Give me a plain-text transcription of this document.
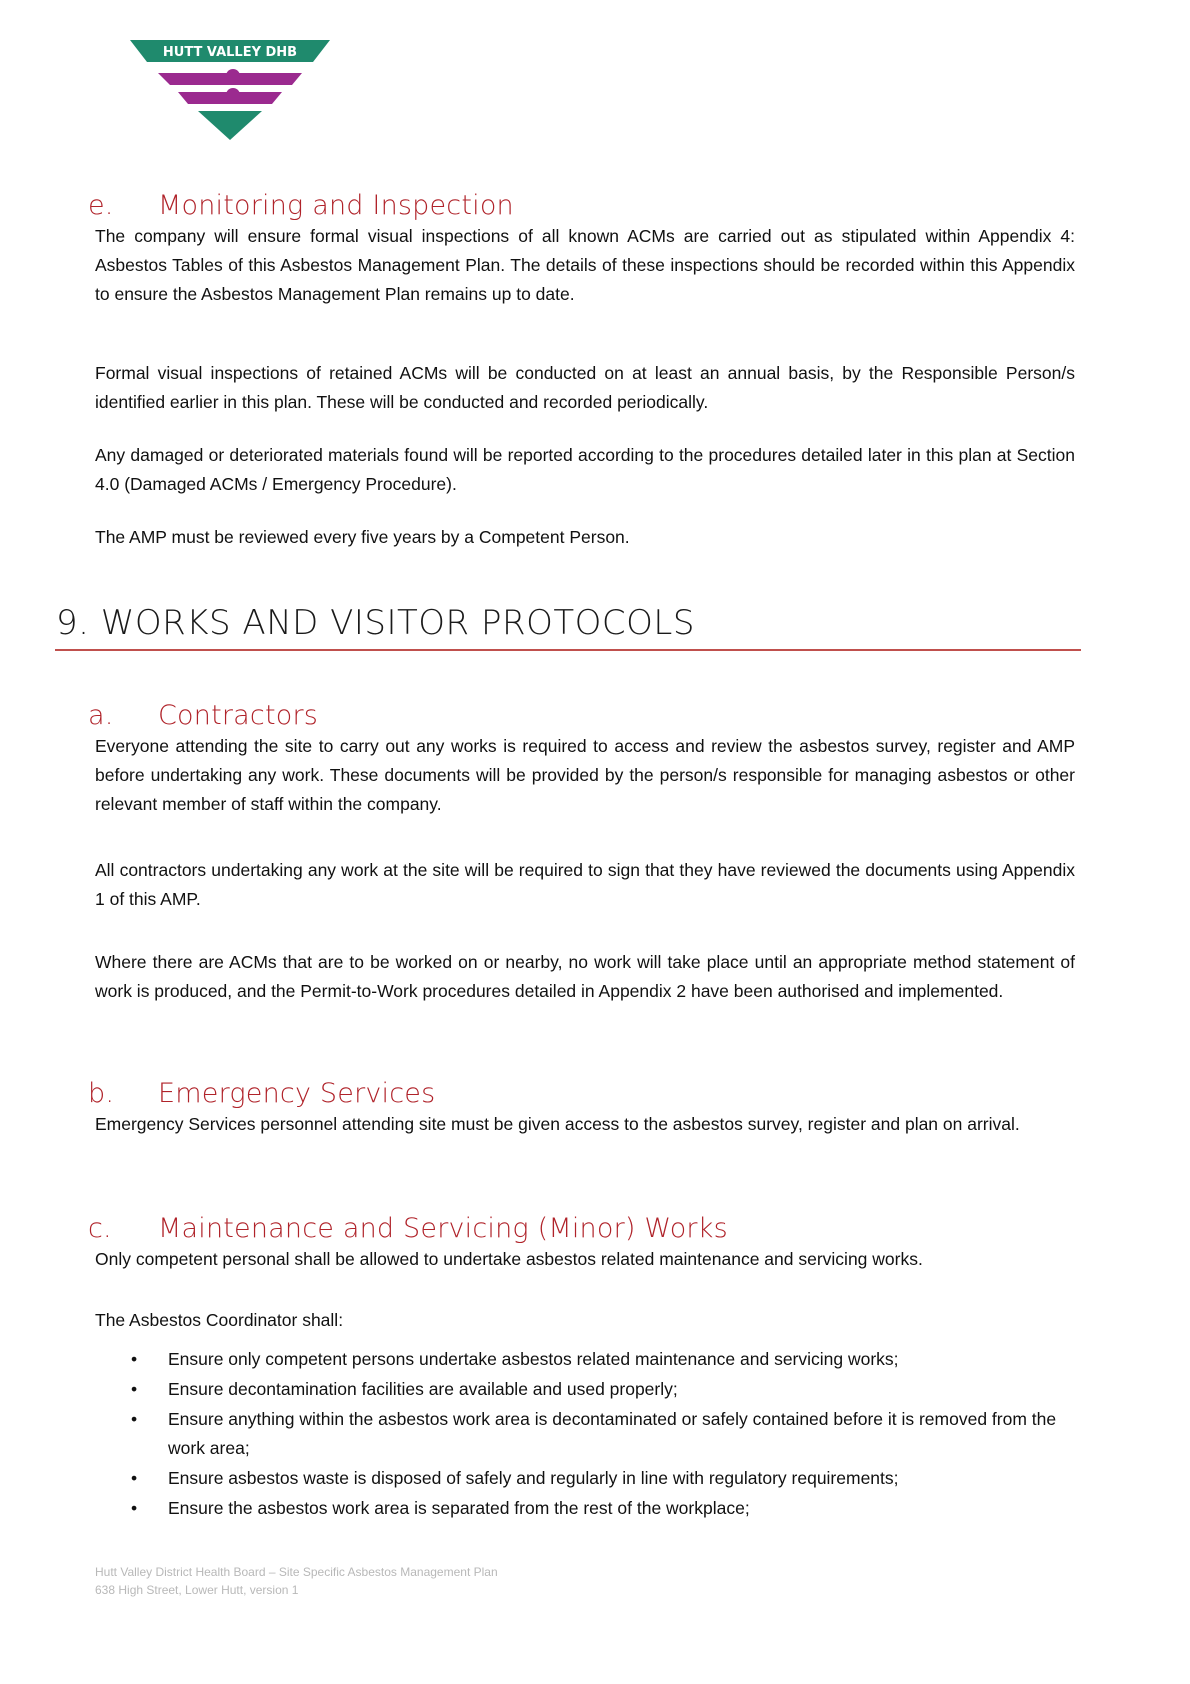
HUTT VALLEY DHB
e. Monitoring and Inspection

The company will ensure formal visual inspections of all known ACMs are carried out as stipulated within Appendix 4: Asbestos Tables of this Asbestos Management Plan. The details of these inspections should be recorded within this Appendix to ensure the Asbestos Management Plan remains up to date.

Formal visual inspections of retained ACMs will be conducted on at least an annual basis, by the Responsible Person/s identified earlier in this plan. These will be conducted and recorded periodically.

Any damaged or deteriorated materials found will be reported according to the procedures detailed later in this plan at Section 4.0 (Damaged ACMs / Emergency Procedure).

The AMP must be reviewed every five years by a Competent Person.

9. WORKS AND VISITOR PROTOCOLS
a. Contractors

Everyone attending the site to carry out any works is required to access and review the asbestos survey, register and AMP before undertaking any work. These documents will be provided by the person/s responsible for managing asbestos or other relevant member of staff within the company.

All contractors undertaking any work at the site will be required to sign that they have reviewed the documents using Appendix 1 of this AMP.

Where there are ACMs that are to be worked on or nearby, no work will take place until an appropriate method statement of work is produced, and the Permit-to-Work procedures detailed in Appendix 2 have been authorised and implemented.

b. Emergency Services

Emergency Services personnel attending site must be given access to the asbestos survey, register and plan on arrival.

c. Maintenance and Servicing (Minor) Works

Only competent personal shall be allowed to undertake asbestos related maintenance and servicing works.

The Asbestos Coordinator shall:

• Ensure only competent persons undertake asbestos related maintenance and servicing works;
• Ensure decontamination facilities are available and used properly;
• Ensure anything within the asbestos work area is decontaminated or safely contained before it is removed from the work area;
• Ensure asbestos waste is disposed of safely and regularly in line with regulatory requirements;
• Ensure the asbestos work area is separated from the rest of the workplace;
Hutt Valley District Health Board – Site Specific Asbestos Management Plan
638 High Street, Lower Hutt, version 1
